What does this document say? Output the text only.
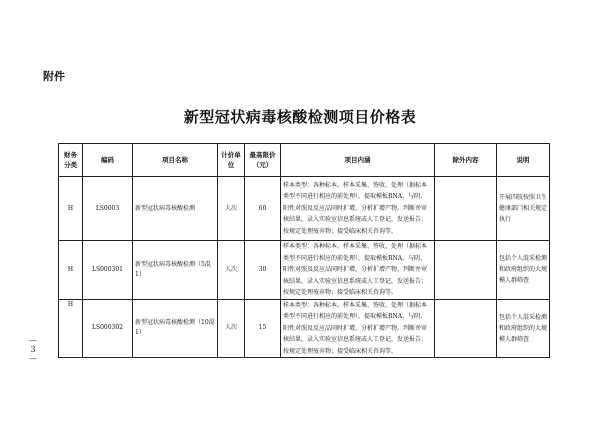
附件
新型冠状病毒核酸检测项目价格表
— 3 —
财务分类	编码	项目名称	计价单位	最高限价（元）	项目内涵	除外内容	说明
H	LS0003	新型冠状病毒核酸检测	人次	60	样本类型：各种标本。样本采集、签收、处理（据标本类型不同进行相应的前处理），提取模板RNA，与阴、阳性对照及反应品同时扩增，分析扩增产物，判断并审核结果，录入实验室信息系统或人工登记，发送报告；按规定处理废弃物；接受临床相关咨询等。		开展四肢按照卫生健康部门相关规定执行
H	LS000301	新型冠状病毒核酸检测（5混1）	人次	30	样本类型：各种标本。样本采集、签收、处理（据标本类型不同进行相应的前处理），提取模板RNA，与阴、阳性对照及反应品同时扩增，分析扩增产物，判断并审核结果，录入实验室信息系统或人工登记，发送报告；按规定处理废弃物；接受临床相关咨询等。		包括个人混采检测和政府组织的大规模人群筛查
H	LS000302	新型冠状病毒核酸检测（10混1）	人次	15	样本类型：各种标本。样本采集、签收、处理（据标本类型不同进行相应的前处理），提取模板RNA，与阴、阳性对照及反应品同时扩增，分析扩增产物，判断并审核结果，录入实验室信息系统或人工登记，发送报告；按规定处理废弃物；接受临床相关咨询等。		包括个人混采检测和政府组织的大规模人群筛查
